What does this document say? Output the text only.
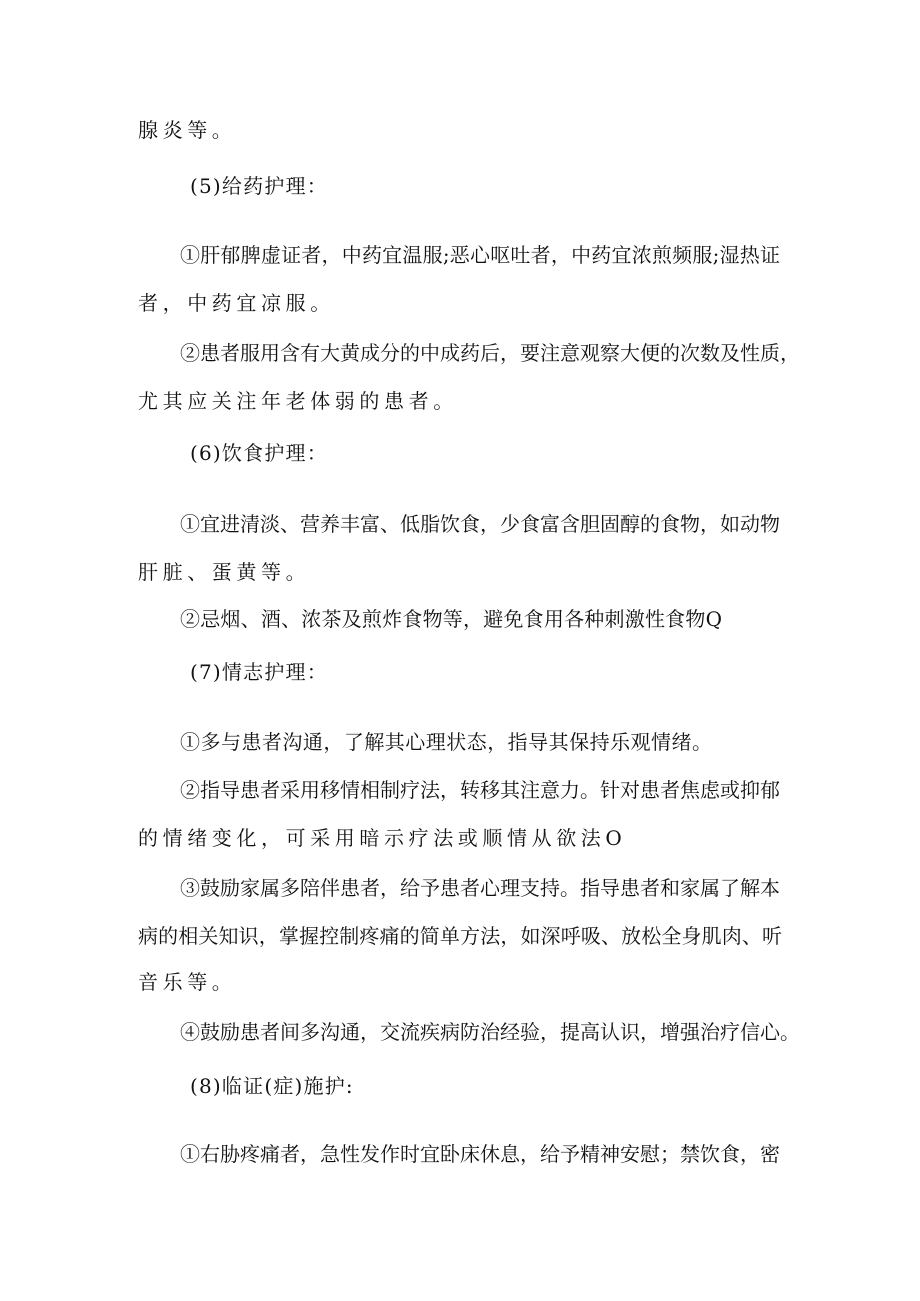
腺炎等。
(5)给药护理：
①肝郁脾虚证者，中药宜温服;恶心呕吐者，中药宜浓煎频服;湿热证
者，中药宜凉服。
②患者服用含有大黄成分的中成药后，要注意观察大便的次数及性质，
尤其应关注年老体弱的患者。
(6)饮食护理：
①宜进清淡、营养丰富、低脂饮食，少食富含胆固醇的食物，如动物
肝脏、蛋黄等。
②忌烟、酒、浓茶及煎炸食物等，避免食用各种刺激性食物Q
(7)情志护理：
①多与患者沟通，了解其心理状态，指导其保持乐观情绪。
②指导患者采用移情相制疗法，转移其注意力。针对患者焦虑或抑郁
的情绪变化，可采用暗示疗法或顺情从欲法O
③鼓励家属多陪伴患者，给予患者心理支持。指导患者和家属了解本
病的相关知识，掌握控制疼痛的简单方法，如深呼吸、放松全身肌肉、听
音乐等。
④鼓励患者间多沟通，交流疾病防治经验，提高认识，增强治疗信心。
(8)临证(症)施护:
①右胁疼痛者，急性发作时宜卧床休息，给予精神安慰；禁饮食，密
